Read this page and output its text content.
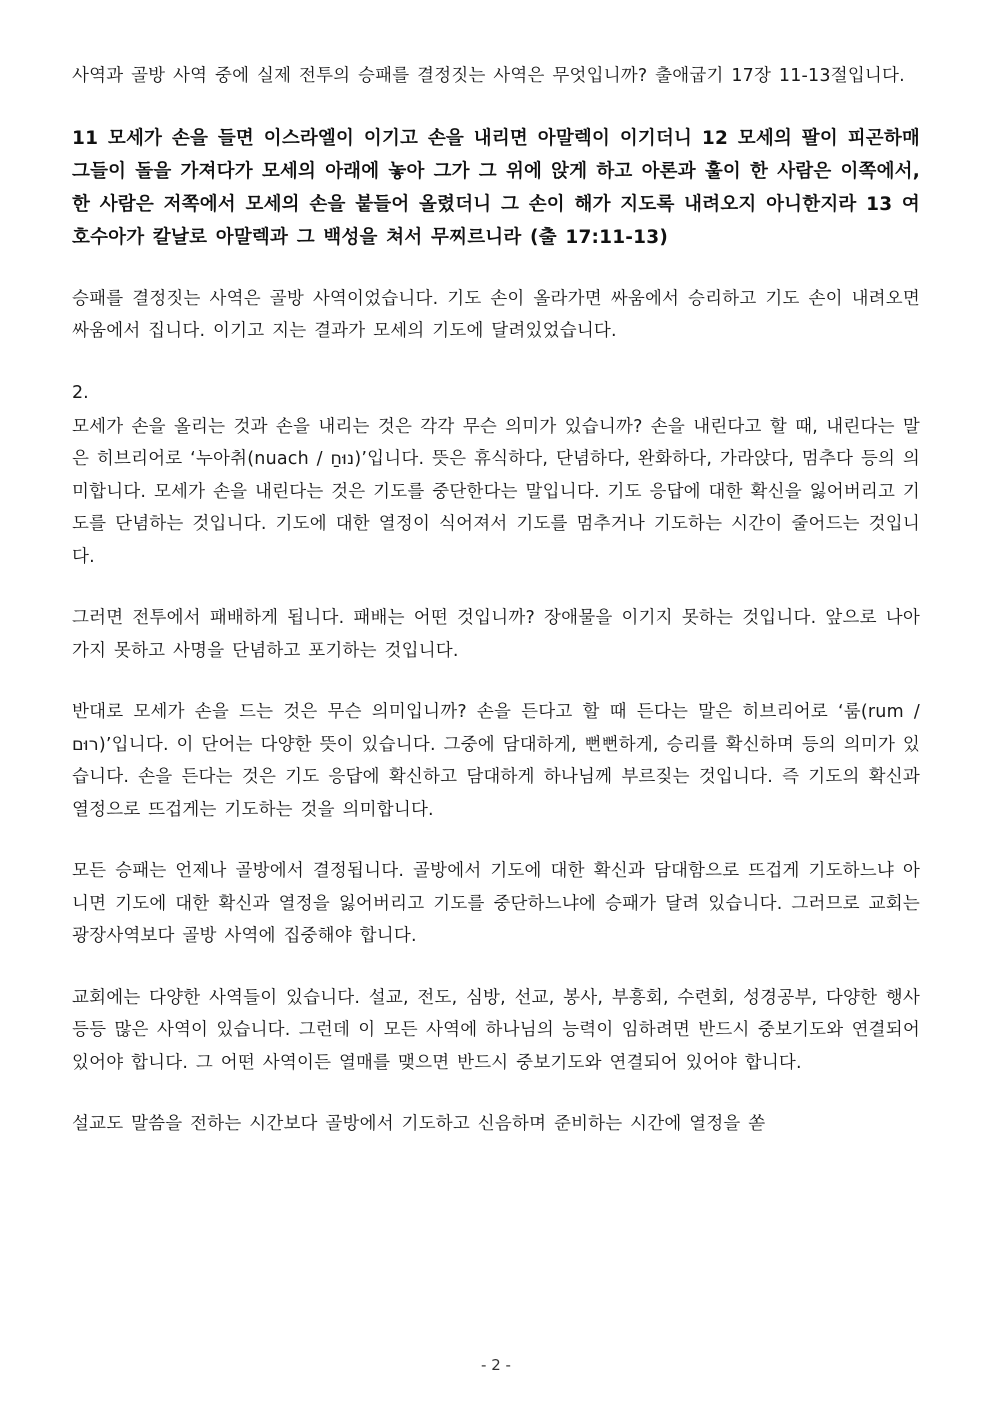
사역과 골방 사역 중에 실제 전투의 승패를 결정짓는 사역은 무엇입니까? 출애굽기 17장 11-13절입니다.

11 모세가 손을 들면 이스라엘이 이기고 손을 내리면 아말렉이 이기더니 12 모세의 팔이 피곤하매 그들이 돌을 가져다가 모세의 아래에 놓아 그가 그 위에 앉게 하고 아론과 훌이 한 사람은 이쪽에서, 한 사람은 저쪽에서 모세의 손을 붙들어 올렸더니 그 손이 해가 지도록 내려오지 아니한지라 13 여호수아가 칼날로 아말렉과 그 백성을 쳐서 무찌르니라 (출 17:11-13)

승패를 결정짓는 사역은 골방 사역이었습니다. 기도 손이 올라가면 싸움에서 승리하고 기도 손이 내려오면 싸움에서 집니다. 이기고 지는 결과가 모세의 기도에 달려있었습니다.

2.

모세가 손을 올리는 것과 손을 내리는 것은 각각 무슨 의미가 있습니까? 손을 내린다고 할 때, 내린다는 말은 히브리어로 ‘누아취(nuach / נוּחַ)’입니다. 뜻은 휴식하다, 단념하다, 완화하다, 가라앉다, 멈추다 등의 의미합니다. 모세가 손을 내린다는 것은 기도를 중단한다는 말입니다. 기도 응답에 대한 확신을 잃어버리고 기도를 단념하는 것입니다. 기도에 대한 열정이 식어져서 기도를 멈추거나 기도하는 시간이 줄어드는 것입니다.

그러면 전투에서 패배하게 됩니다. 패배는 어떤 것입니까? 장애물을 이기지 못하는 것입니다. 앞으로 나아가지 못하고 사명을 단념하고 포기하는 것입니다.

반대로 모세가 손을 드는 것은 무슨 의미입니까? 손을 든다고 할 때 든다는 말은 히브리어로 ‘룸(rum / רוּם)’입니다. 이 단어는 다양한 뜻이 있습니다. 그중에 담대하게, 뻔뻔하게, 승리를 확신하며 등의 의미가 있습니다. 손을 든다는 것은 기도 응답에 확신하고 담대하게 하나님께 부르짖는 것입니다. 즉 기도의 확신과 열정으로 뜨겁게는 기도하는 것을 의미합니다.

모든 승패는 언제나 골방에서 결정됩니다. 골방에서 기도에 대한 확신과 담대함으로 뜨겁게 기도하느냐 아니면 기도에 대한 확신과 열정을 잃어버리고 기도를 중단하느냐에 승패가 달려 있습니다. 그러므로 교회는 광장사역보다 골방 사역에 집중해야 합니다.

교회에는 다양한 사역들이 있습니다. 설교, 전도, 심방, 선교, 봉사, 부흥회, 수련회, 성경공부, 다양한 행사 등등 많은 사역이 있습니다. 그런데 이 모든 사역에 하나님의 능력이 임하려면 반드시 중보기도와 연결되어 있어야 합니다. 그 어떤 사역이든 열매를 맺으면 반드시 중보기도와 연결되어 있어야 합니다.

설교도 말씀을 전하는 시간보다 골방에서 기도하고 신음하며 준비하는 시간에 열정을 쏟

- 2 -
